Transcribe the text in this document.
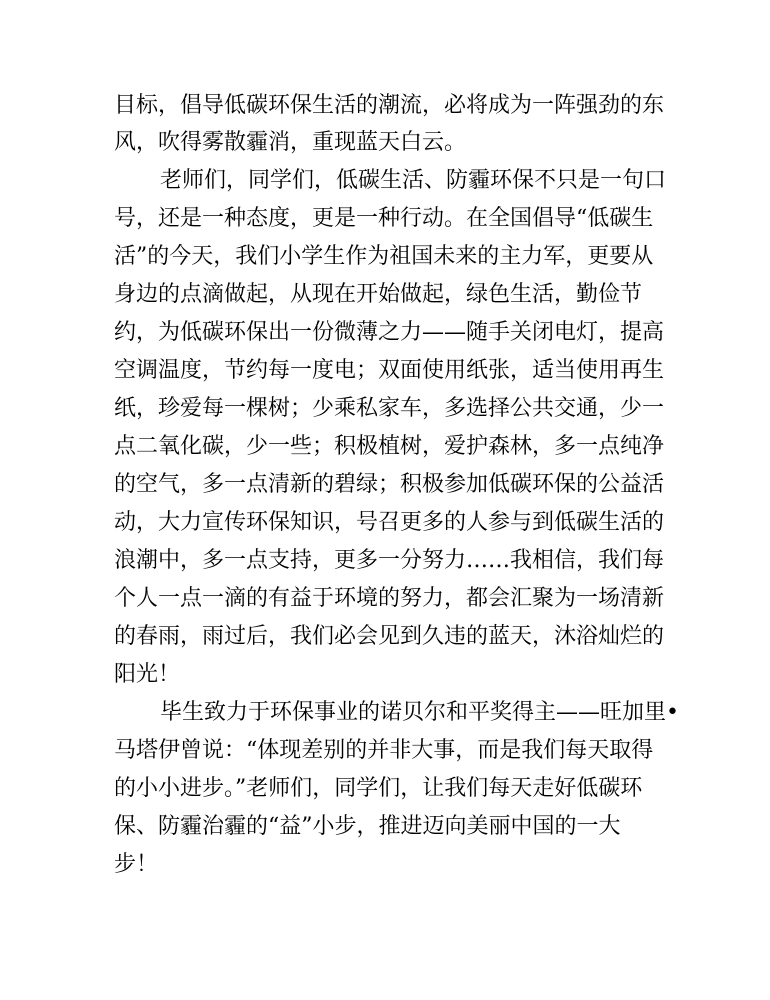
目标，倡导低碳环保生活的潮流，必将成为一阵强劲的东
风，吹得雾散霾消，重现蓝天白云。
老师们，同学们，低碳生活、防霾环保不只是一句口
号，还是一种态度，更是一种行动。在全国倡导“低碳生
活”的今天，我们小学生作为祖国未来的主力军，更要从
身边的点滴做起，从现在开始做起，绿色生活，勤俭节
约，为低碳环保出一份微薄之力——随手关闭电灯，提高
空调温度，节约每一度电；双面使用纸张，适当使用再生
纸，珍爱每一棵树；少乘私家车，多选择公共交通，少一
点二氧化碳，少一些；积极植树，爱护森林，多一点纯净
的空气，多一点清新的碧绿；积极参加低碳环保的公益活
动，大力宣传环保知识，号召更多的人参与到低碳生活的
浪潮中，多一点支持，更多一分努力……我相信，我们每
个人一点一滴的有益于环境的努力，都会汇聚为一场清新
的春雨，雨过后，我们必会见到久违的蓝天，沐浴灿烂的
阳光！
毕生致力于环保事业的诺贝尔和平奖得主——旺加里•
马塔伊曾说：“体现差别的并非大事，而是我们每天取得
的小小进步。”老师们，同学们，让我们每天走好低碳环
保、防霾治霾的“益”小步，推进迈向美丽中国的一大
步！
